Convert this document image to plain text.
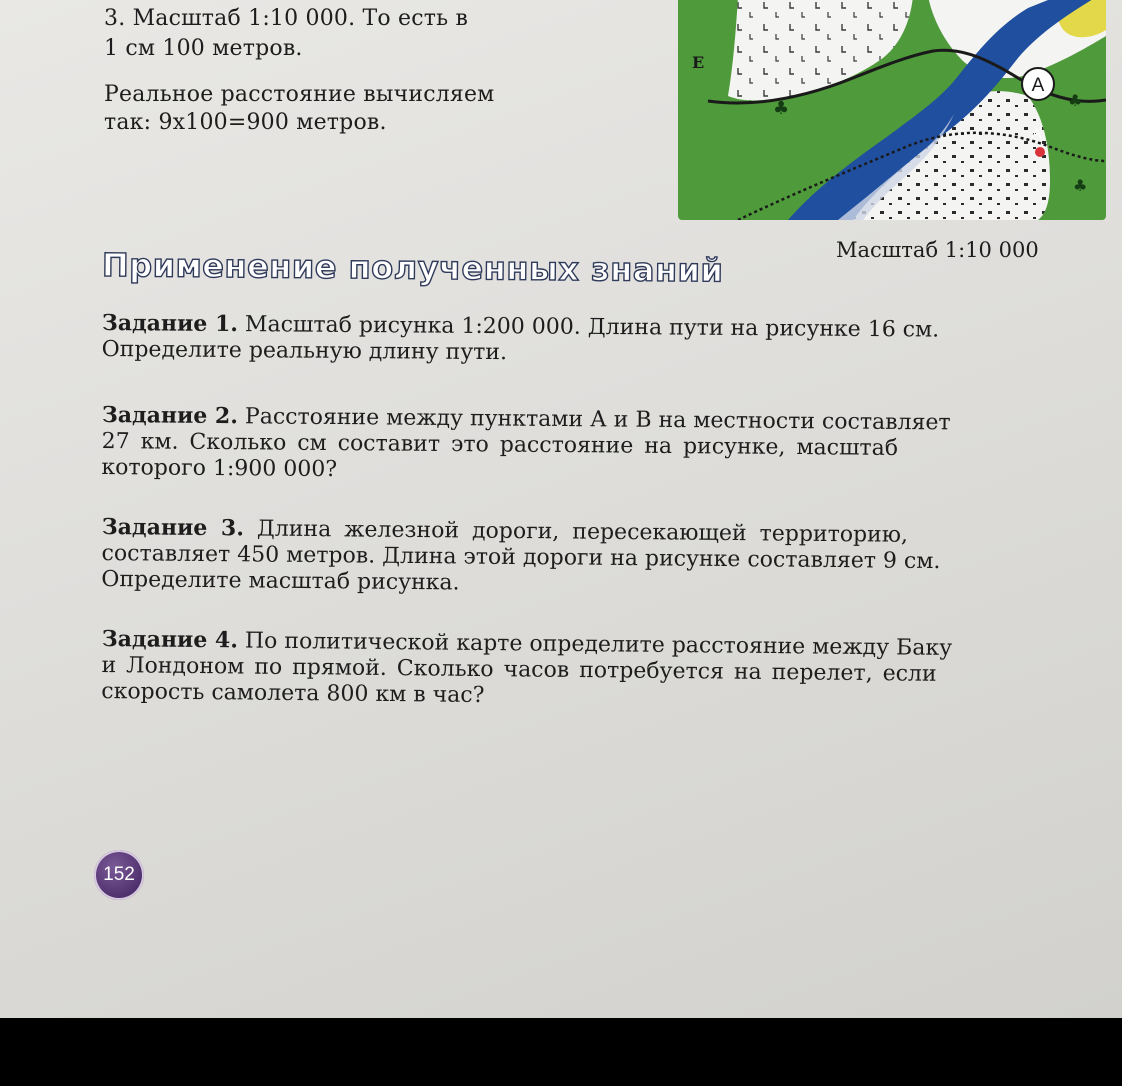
3. Масштаб 1:10 000. То есть в
1 см 100 метров.
Реальное расстояние вычисляем
так: 9х100=900 метров.
♣	♣
♣
Е
А
А
Масштаб 1:10 000
Применение полученных знаний
Задание 1. Масштаб рисунка 1:200 000. Длина пути на рисунке 16 см.
Определите реальную длину пути.
Задание 2. Расстояние между пунктами А и В на местности составляет
27 км. Сколько см составит это расстояние на рисунке, масштаб
которого 1:900 000?
Задание 3. Длина железной дороги, пересекающей территорию,
составляет 450 метров. Длина этой дороги на рисунке составляет 9 см.
Определите масштаб рисунка.
Задание 4. По политической карте определите расстояние между Баку
и Лондоном по прямой. Сколько часов потребуется на перелет, если
скорость самолета 800 км в час?
152
